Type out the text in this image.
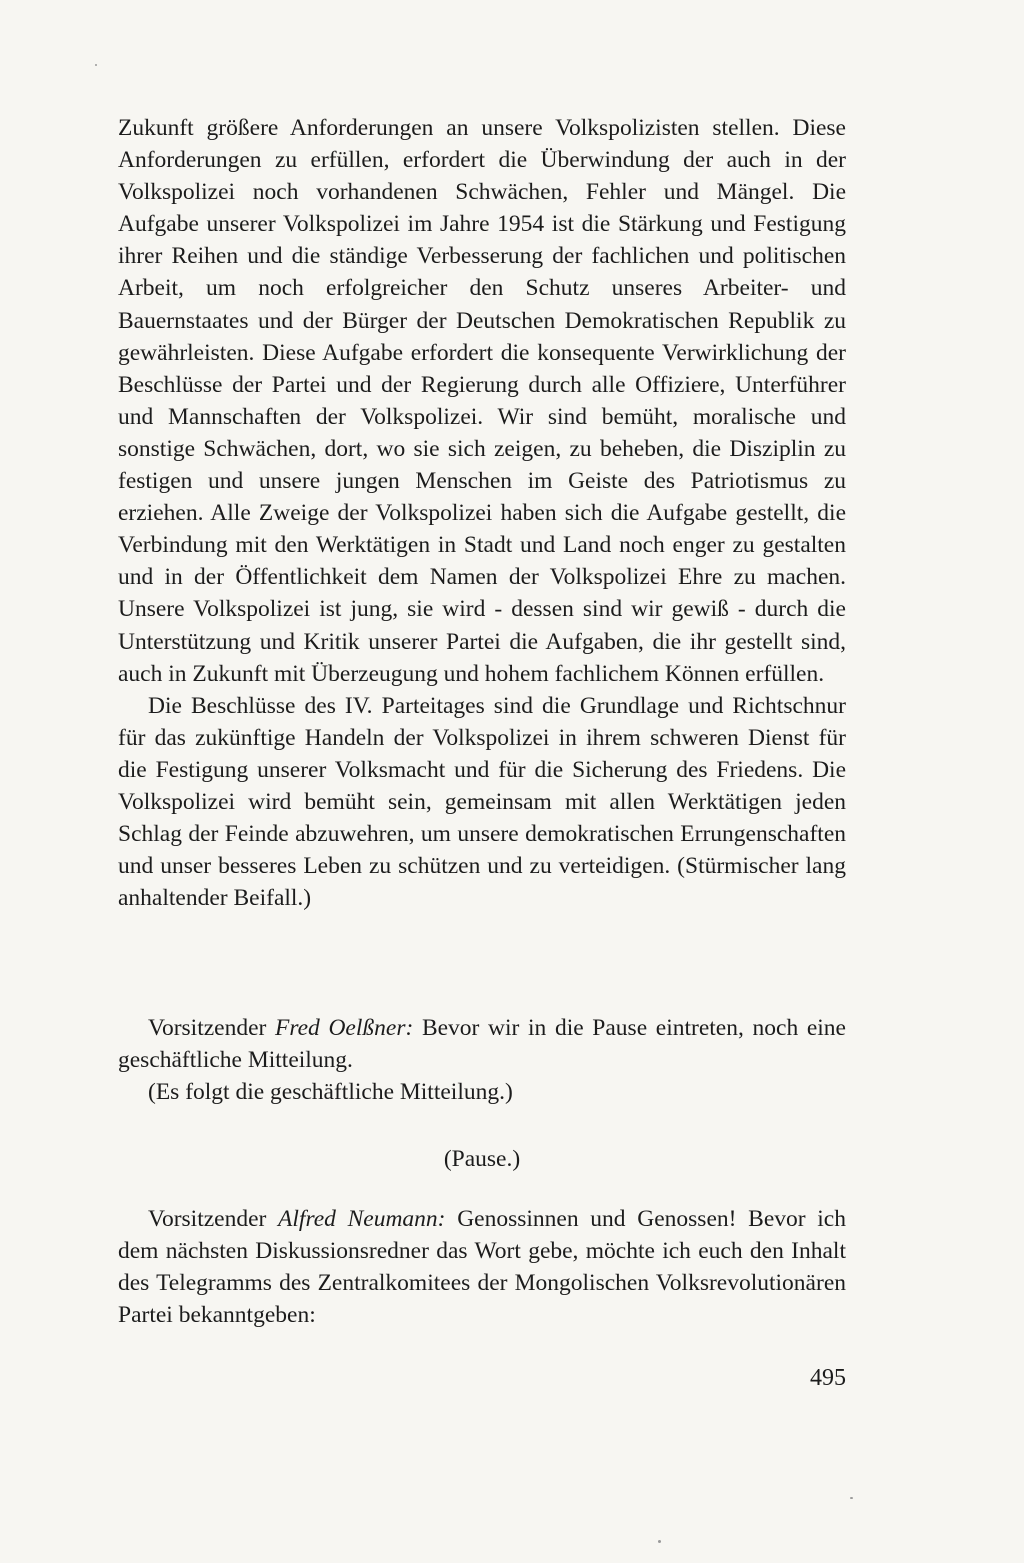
Zukunft größere Anforderungen an unsere Volkspolizisten stellen. Diese Anforderungen zu erfüllen, erfordert die Überwindung der auch in der Volkspolizei noch vorhandenen Schwächen, Fehler und Mängel. Die Aufgabe unserer Volkspolizei im Jahre 1954 ist die Stärkung und Festigung ihrer Reihen und die ständige Verbesserung der fachlichen und politischen Arbeit, um noch erfolgreicher den Schutz unseres Arbeiter- und Bauernstaates und der Bürger der Deutschen Demokratischen Republik zu gewährleisten. Diese Aufgabe erfordert die konsequente Verwirklichung der Beschlüsse der Partei und der Regierung durch alle Offiziere, Unterführer und Mannschaften der Volkspolizei. Wir sind bemüht, moralische und sonstige Schwächen, dort, wo sie sich zeigen, zu beheben, die Disziplin zu festigen und unsere jungen Menschen im Geiste des Patriotismus zu erziehen. Alle Zweige der Volkspolizei haben sich die Aufgabe gestellt, die Verbindung mit den Werktätigen in Stadt und Land noch enger zu gestalten und in der Öffentlichkeit dem Namen der Volkspolizei Ehre zu machen. Unsere Volkspolizei ist jung, sie wird - dessen sind wir gewiß - durch die Unterstützung und Kritik unserer Partei die Aufgaben, die ihr gestellt sind, auch in Zukunft mit Überzeugung und hohem fachlichem Können erfüllen.

Die Beschlüsse des IV. Parteitages sind die Grundlage und Richtschnur für das zukünftige Handeln der Volkspolizei in ihrem schweren Dienst für die Festigung unserer Volksmacht und für die Sicherung des Friedens. Die Volkspolizei wird bemüht sein, gemeinsam mit allen Werktätigen jeden Schlag der Feinde abzuwehren, um unsere demokratischen Errungenschaften und unser besseres Leben zu schützen und zu verteidigen. (Stürmischer lang anhaltender Beifall.)

Vorsitzender Fred Oelßner: Bevor wir in die Pause eintreten, noch eine geschäftliche Mitteilung.

(Es folgt die geschäftliche Mitteilung.)

(Pause.)

Vorsitzender Alfred Neumann: Genossinnen und Genossen! Bevor ich dem nächsten Diskussionsredner das Wort gebe, möchte ich euch den Inhalt des Telegramms des Zentralkomitees der Mongolischen Volksrevolutionären Partei bekanntgeben:

495
